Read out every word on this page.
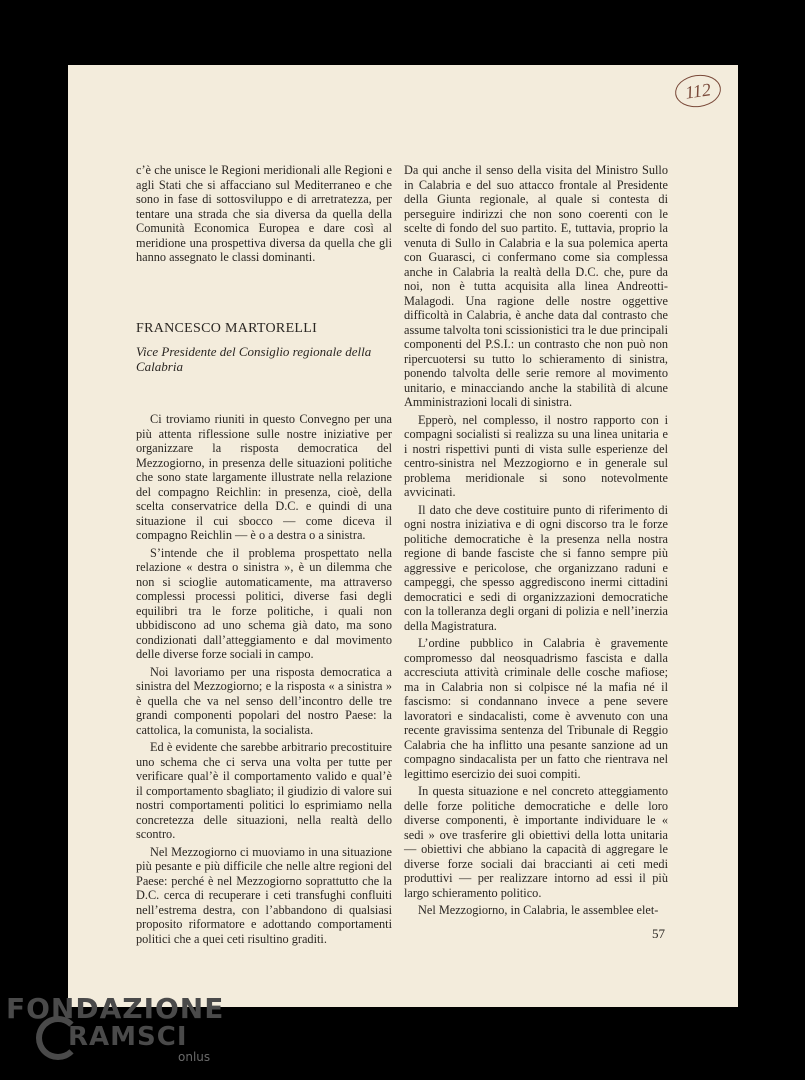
112

c’è che unisce le Regioni meridionali alle Regioni e agli Stati che si affacciano sul Mediterraneo e che sono in fase di sottosviluppo e di arretratezza, per tentare una strada che sia diversa da quella della Comunità Economica Europea e dare così al meridione una prospettiva diversa da quella che gli hanno assegnato le classi dominanti.

FRANCESCO MARTORELLI
Vice Presidente del Consiglio regionale della Calabria

Ci troviamo riuniti in questo Convegno per una più attenta riflessione sulle nostre iniziative per organizzare la risposta democratica del Mezzogiorno, in presenza delle situazioni politiche che sono state largamente illustrate nella relazione del compagno Reichlin: in presenza, cioè, della scelta conservatrice della D.C. e quindi di una situazione il cui sbocco — come diceva il compagno Reichlin — è o a destra o a sinistra.

S’intende che il problema prospettato nella relazione « destra o sinistra », è un dilemma che non si scioglie automaticamente, ma attraverso complessi processi politici, diverse fasi degli equilibri tra le forze politiche, i quali non ubbidiscono ad uno schema già dato, ma sono condizionati dall’atteggiamento e dal movimento delle diverse forze sociali in campo.

Noi lavoriamo per una risposta democratica a sinistra del Mezzogiorno; e la risposta « a sinistra » è quella che va nel senso dell’incontro delle tre grandi componenti popolari del nostro Paese: la cattolica, la comunista, la socialista.

Ed è evidente che sarebbe arbitrario precostituire uno schema che ci serva una volta per tutte per verificare qual’è il comportamento valido e qual’è il comportamento sbagliato; il giudizio di valore sui nostri comportamenti politici lo esprimiamo nella concretezza delle situazioni, nella realtà dello scontro.

Nel Mezzogiorno ci muoviamo in una situazione più pesante e più difficile che nelle altre regioni del Paese: perché è nel Mezzogiorno soprattutto che la D.C. cerca di recuperare i ceti transfughi confluiti nell’estrema destra, con l’abbandono di qualsiasi proposito riformatore e adottando comportamenti politici che a quei ceti risultino graditi.

Da qui anche il senso della visita del Ministro Sullo in Calabria e del suo attacco frontale al Presidente della Giunta regionale, al quale si contesta di perseguire indirizzi che non sono coerenti con le scelte di fondo del suo partito. E, tuttavia, proprio la venuta di Sullo in Calabria e la sua polemica aperta con Guarasci, ci confermano come sia complessa anche in Calabria la realtà della D.C. che, pure da noi, non è tutta acquisita alla linea Andreotti-Malagodi. Una ragione delle nostre oggettive difficoltà in Calabria, è anche data dal contrasto che assume talvolta toni scissionistici tra le due principali componenti del P.S.I.: un contrasto che non può non ripercuotersi su tutto lo schieramento di sinistra, ponendo talvolta delle serie remore al movimento unitario, e minacciando anche la stabilità di alcune Amministrazioni locali di sinistra.

Epperò, nel complesso, il nostro rapporto con i compagni socialisti si realizza su una linea unitaria e i nostri rispettivi punti di vista sulle esperienze del centro-sinistra nel Mezzogiorno e in generale sul problema meridionale si sono notevolmente avvicinati.

Il dato che deve costituire punto di riferimento di ogni nostra iniziativa e di ogni discorso tra le forze politiche democratiche è la presenza nella nostra regione di bande fasciste che si fanno sempre più aggressive e pericolose, che organizzano raduni e campeggi, che spesso aggrediscono inermi cittadini democratici e sedi di organizzazioni democratiche con la tolleranza degli organi di polizia e nell’inerzia della Magistratura.

L’ordine pubblico in Calabria è gravemente compromesso dal neosquadrismo fascista e dalla accresciuta attività criminale delle cosche mafiose; ma in Calabria non si colpisce né la mafia né il fascismo: si condannano invece a pene severe lavoratori e sindacalisti, come è avvenuto con una recente gravissima sentenza del Tribunale di Reggio Calabria che ha inflitto una pesante sanzione ad un compagno sindacalista per un fatto che rientrava nel legittimo esercizio dei suoi compiti.

In questa situazione e nel concreto atteggiamento delle forze politiche democratiche e delle loro diverse componenti, è importante individuare le « sedi » ove trasferire gli obiettivi della lotta unitaria — obiettivi che abbiano la capacità di aggregare le diverse forze sociali dai braccianti ai ceti medi produttivi — per realizzare intorno ad essi il più largo schieramento politico.

Nel Mezzogiorno, in Calabria, le assemblee elet-

57
FONDAZIONE
RAMSCI
onlus
